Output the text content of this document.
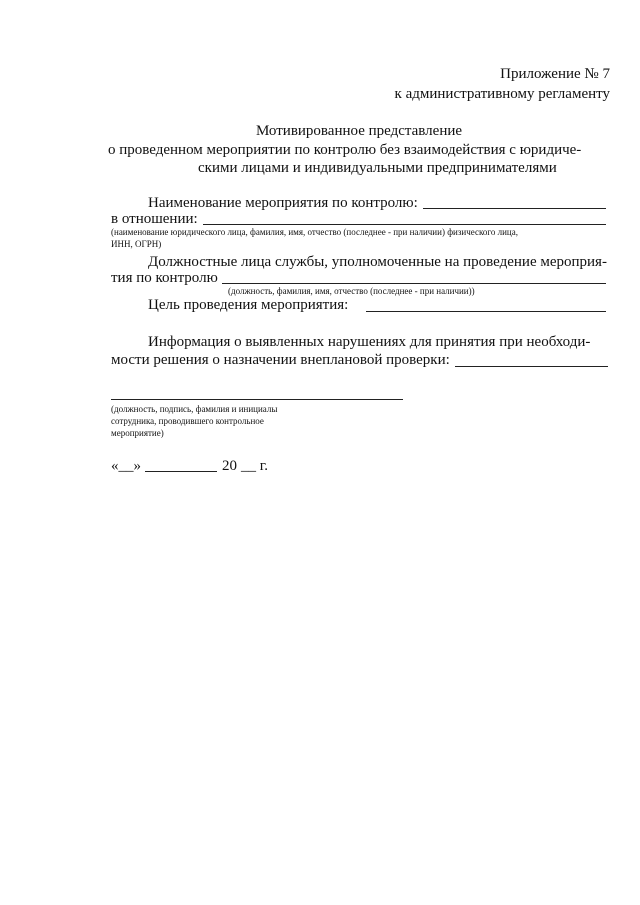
Приложение № 7
к административному регламенту
Мотивированное представление
о проведенном мероприятии по контролю без взаимодействия с юридиче-
скими лицами и индивидуальными предпринимателями
Наименование мероприятия по контролю:
в отношении:
(наименование юридического лица, фамилия, имя, отчество (последнее - при наличии) физического лица,
ИНН, ОГРН)
Должностные лица службы, уполномоченные на проведение мероприя-
тия по контролю
(должность, фамилия, имя, отчество (последнее - при наличии))
Цель проведения мероприятия:
Информация о выявленных нарушениях для принятия при необходи-
мости решения о назначении внеплановой проверки:
(должность, подпись, фамилия и инициалы
сотрудника, проводившего контрольное
мероприятие)
«__»	20 __ г.
